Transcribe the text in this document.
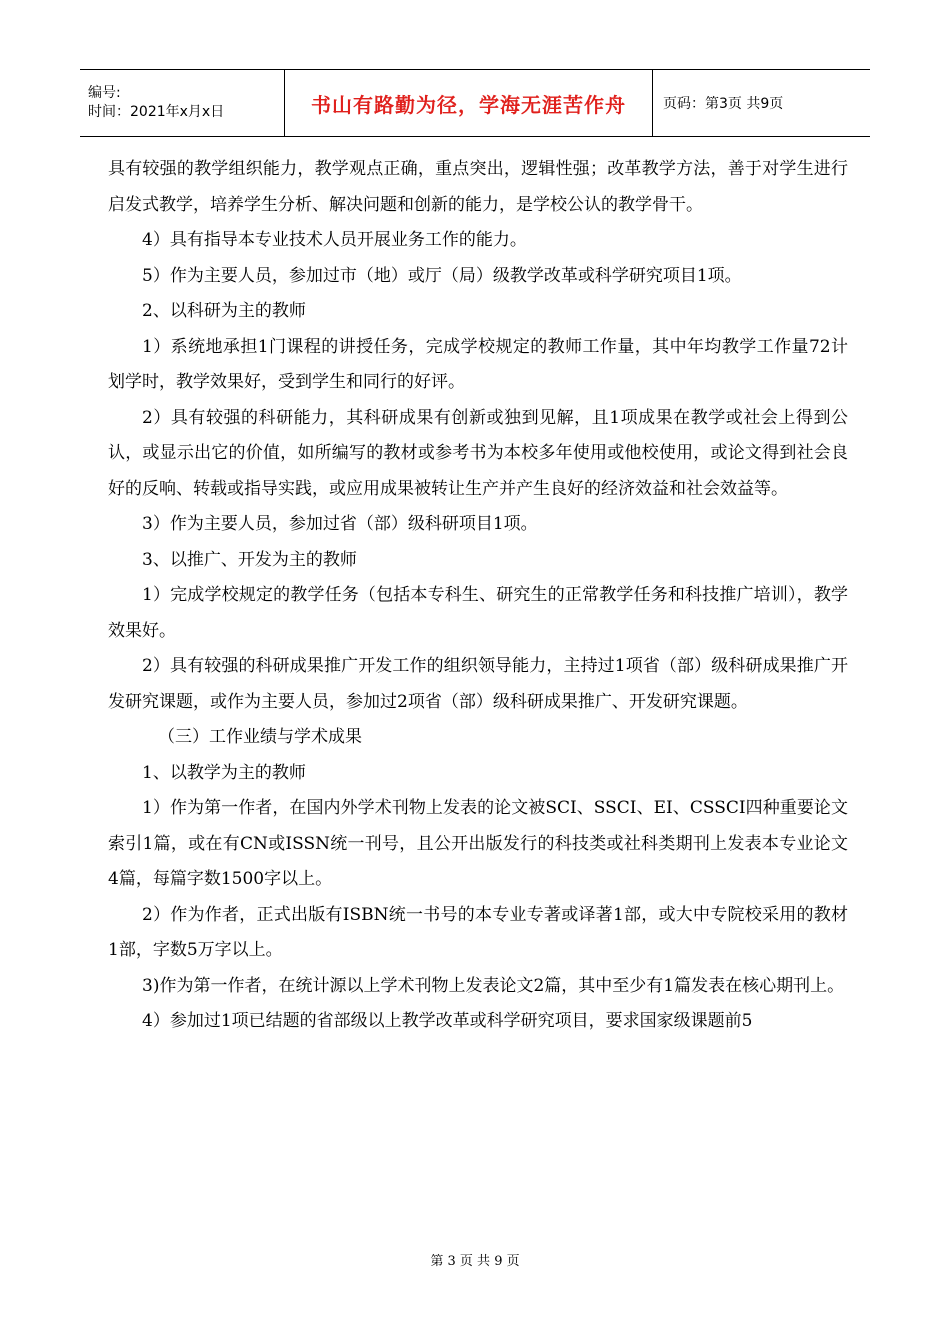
编号:
时间：2021年x月x日	书山有路勤为径，学海无涯苦作舟	页码：第3页 共9页

具有较强的教学组织能力，教学观点正确，重点突出，逻辑性强；改革教学方法，善于对学生进行启发式教学，培养学生分析、解决问题和创新的能力，是学校公认的教学骨干。

4）具有指导本专业技术人员开展业务工作的能力。

5）作为主要人员，参加过市（地）或厅（局）级教学改革或科学研究项目1项。

2、以科研为主的教师

1）系统地承担1门课程的讲授任务，完成学校规定的教师工作量，其中年均教学工作量72计划学时，教学效果好，受到学生和同行的好评。

2）具有较强的科研能力，其科研成果有创新或独到见解，且1项成果在教学或社会上得到公认，或显示出它的价值，如所编写的教材或参考书为本校多年使用或他校使用，或论文得到社会良好的反响、转载或指导实践，或应用成果被转让生产并产生良好的经济效益和社会效益等。

3）作为主要人员，参加过省（部）级科研项目1项。

3、以推广、开发为主的教师

1）完成学校规定的教学任务（包括本专科生、研究生的正常教学任务和科技推广培训），教学效果好。

2）具有较强的科研成果推广开发工作的组织领导能力，主持过1项省（部）级科研成果推广开发研究课题，或作为主要人员，参加过2项省（部）级科研成果推广、开发研究课题。

（三）工作业绩与学术成果

1、以教学为主的教师

1）作为第一作者，在国内外学术刊物上发表的论文被SCI、SSCI、EI、CSSCI四种重要论文索引1篇，或在有CN或ISSN统一刊号，且公开出版发行的科技类或社科类期刊上发表本专业论文4篇，每篇字数1500字以上。

2）作为作者，正式出版有ISBN统一书号的本专业专著或译著1部，或大中专院校采用的教材1部，字数5万字以上。

3)作为第一作者，在统计源以上学术刊物上发表论文2篇，其中至少有1篇发表在核心期刊上。

4）参加过1项已结题的省部级以上教学改革或科学研究项目，要求国家级课题前5

第 3 页 共 9 页
